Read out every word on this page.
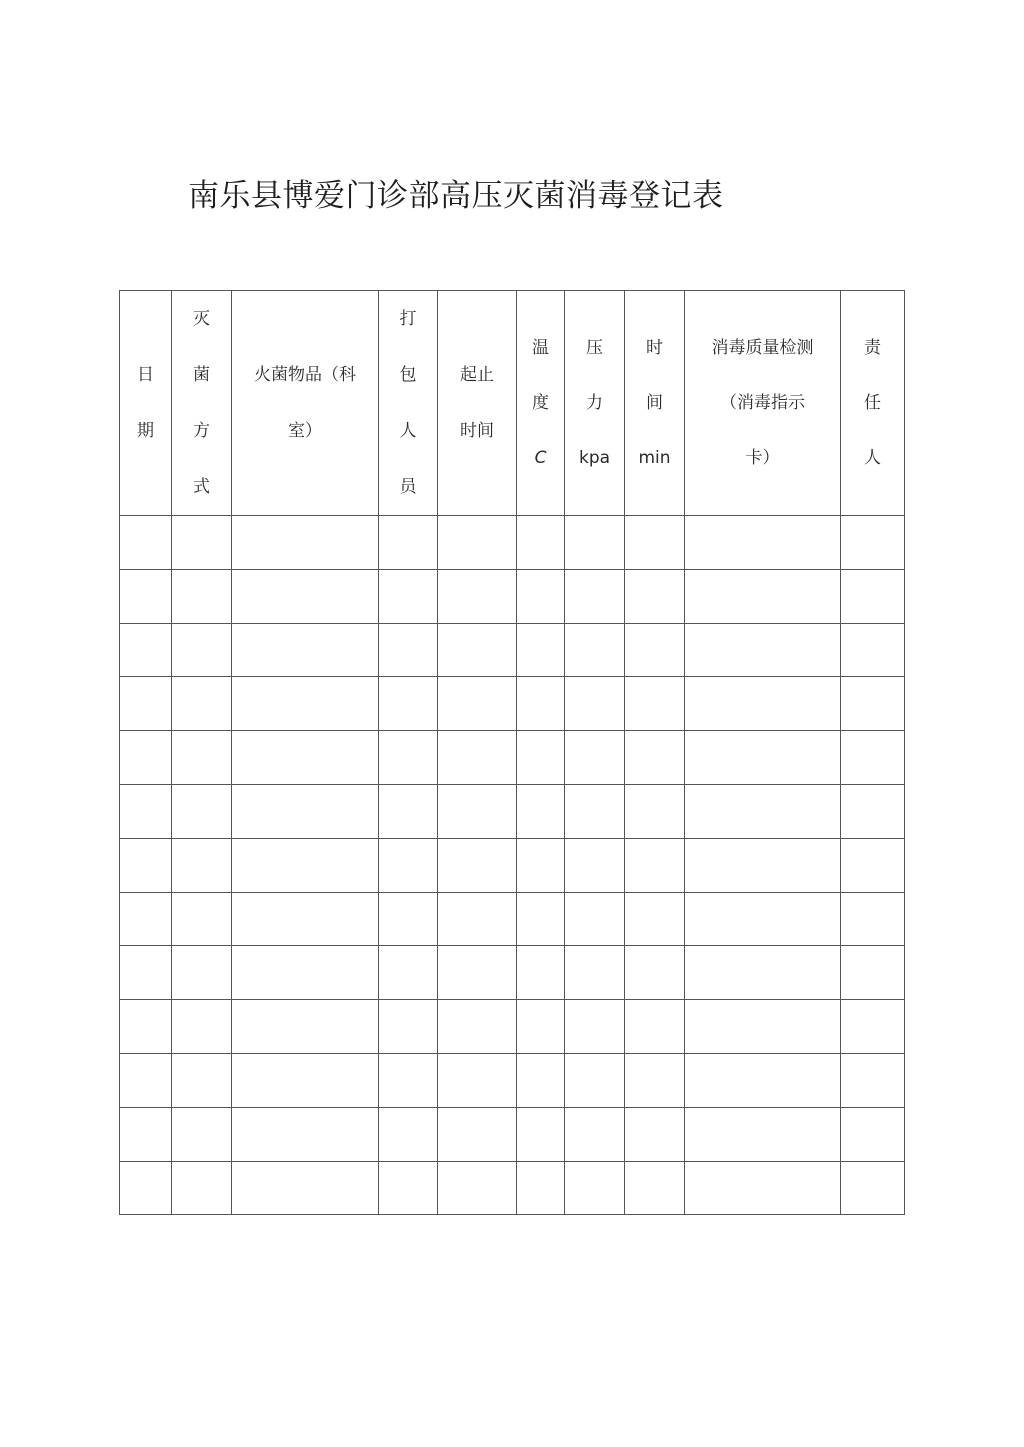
南乐县博爱门诊部高压灭菌消毒登记表
日
期	灭
菌
方
式	火菌物品（科
室）	打
包
人
员	起止
时间	温
度
C	压
力
kpa	时
间
min	消毒质量检测
（消毒指示
卡）	责
任
人
